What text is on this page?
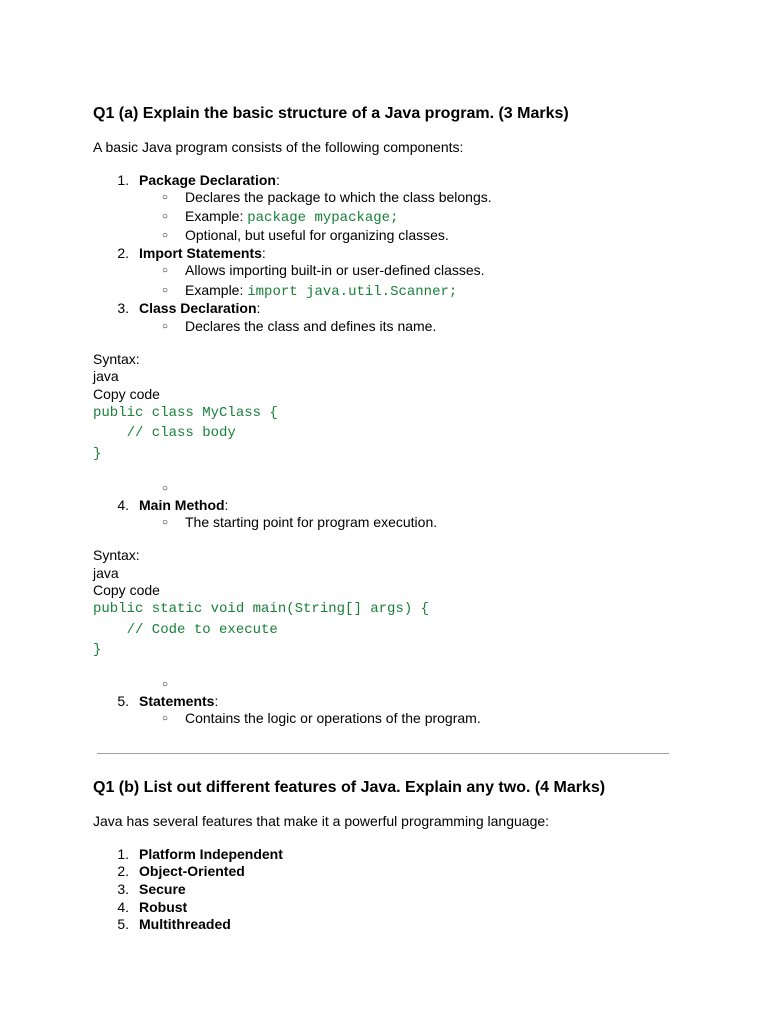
Q1 (a) Explain the basic structure of a Java program. (3 Marks)
A basic Java program consists of the following components:
1. Package Declaration:
○ Declares the package to which the class belongs.
○ Example: package mypackage;
○ Optional, but useful for organizing classes.
2. Import Statements:
○ Allows importing built-in or user-defined classes.
○ Example: import java.util.Scanner;
3. Class Declaration:
○ Declares the class and defines its name.
Syntax:
java
Copy code
public class MyClass {
// class body
}
○
4. Main Method:
○ The starting point for program execution.
Syntax:
java
Copy code
public static void main(String[] args) {
// Code to execute
}
○
5. Statements:
○ Contains the logic or operations of the program.
Q1 (b) List out different features of Java. Explain any two. (4 Marks)
Java has several features that make it a powerful programming language:
1. Platform Independent
2. Object-Oriented
3. Secure
4. Robust
5. Multithreaded
